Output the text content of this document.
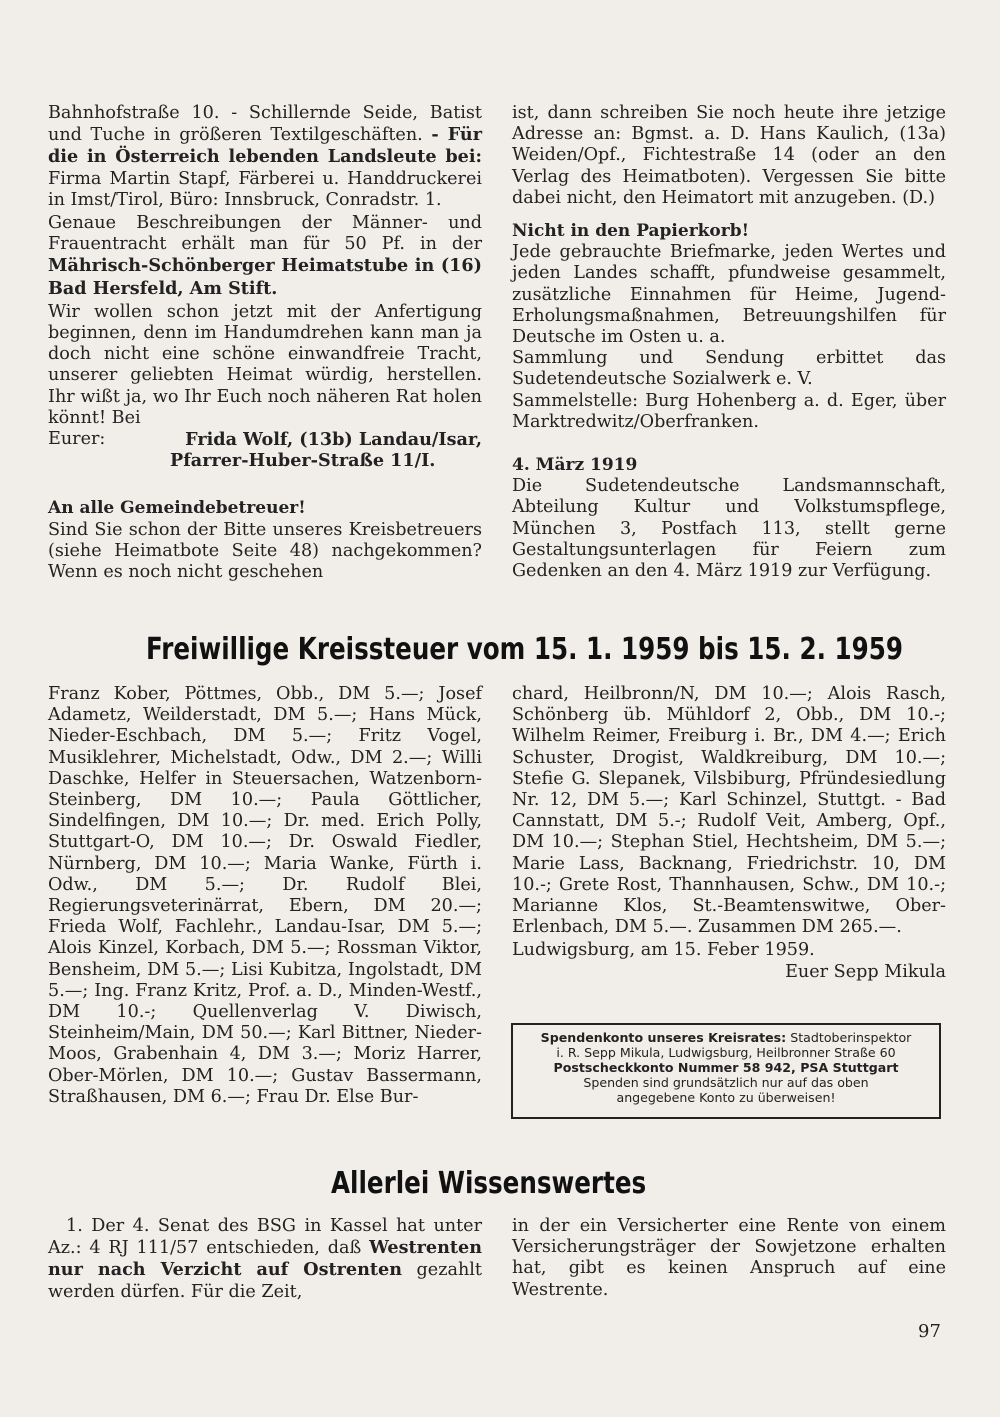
Bahnhofstraße 10. - Schillernde Seide, Batist und Tuche in größeren Textilgeschäften. - Für die in Österreich lebenden Landsleute bei: Firma Martin Stapf, Färberei u. Handdruckerei in Imst/Tirol, Büro: Innsbruck, Conradstr. 1.

Genaue Beschreibungen der Männer- und Frauentracht erhält man für 50 Pf. in der Mährisch-Schönberger Heimatstube in (16) Bad Hersfeld, Am Stift.

Wir wollen schon jetzt mit der Anfertigung beginnen, denn im Handumdrehen kann man ja doch nicht eine schöne einwandfreie Tracht, unserer geliebten Heimat würdig, herstellen. Ihr wißt ja, wo Ihr Euch noch näheren Rat holen könnt! Bei

Eurer:	Frida Wolf, (13b) Landau/Isar,

Pfarrer-Huber-Straße 11/I.

An alle Gemeindebetreuer!

Sind Sie schon der Bitte unseres Kreisbetreuers (siehe Heimatbote Seite 48) nachgekommen? Wenn es noch nicht geschehen

ist, dann schreiben Sie noch heute ihre jetzige Adresse an: Bgmst. a. D. Hans Kaulich, (13a) Weiden/Opf., Fichtestraße 14 (oder an den Verlag des Heimatboten). Vergessen Sie bitte dabei nicht, den Heimatort mit anzugeben. (D.)

Nicht in den Papierkorb!

Jede gebrauchte Briefmarke, jeden Wertes und jeden Landes schafft, pfundweise gesammelt, zusätzliche Einnahmen für Heime, Jugend-Erholungsmaßnahmen, Betreuungshilfen für Deutsche im Osten u. a.

Sammlung und Sendung erbittet das Sudetendeutsche Sozialwerk e. V.

Sammelstelle: Burg Hohenberg a. d. Eger, über Marktredwitz/Oberfranken.

4. März 1919

Die Sudetendeutsche Landsmannschaft, Abteilung Kultur und Volkstumspflege, München 3, Postfach 113, stellt gerne Gestaltungsunterlagen für Feiern zum Gedenken an den 4. März 1919 zur Verfügung.

Freiwillige Kreissteuer vom 15. 1. 1959 bis 15. 2. 1959

Franz Kober, Pöttmes, Obb., DM 5.—; Josef Adametz, Weilderstadt, DM 5.—; Hans Mück, Nieder-Eschbach, DM 5.—; Fritz Vogel, Musiklehrer, Michelstadt, Odw., DM 2.—; Willi Daschke, Helfer in Steuersachen, Watzenborn-Steinberg, DM 10.—; Paula Göttlicher, Sindelfingen, DM 10.—; Dr. med. Erich Polly, Stuttgart-O, DM 10.—; Dr. Oswald Fiedler, Nürnberg, DM 10.—; Maria Wanke, Fürth i. Odw., DM 5.—; Dr. Rudolf Blei, Regierungsveterinärrat, Ebern, DM 20.—; Frieda Wolf, Fachlehr., Landau-Isar, DM 5.—; Alois Kinzel, Korbach, DM 5.—; Rossman Viktor, Bensheim, DM 5.—; Lisi Kubitza, Ingolstadt, DM 5.—; Ing. Franz Kritz, Prof. a. D., Minden-Westf., DM 10.-; Quellenverlag V. Diwisch, Steinheim/Main, DM 50.—; Karl Bittner, Nieder-Moos, Grabenhain 4, DM 3.—; Moriz Harrer, Ober-Mörlen, DM 10.—; Gustav Bassermann, Straßhausen, DM 6.—; Frau Dr. Else Bur-

chard, Heilbronn/N, DM 10.—; Alois Rasch, Schönberg üb. Mühldorf 2, Obb., DM 10.-; Wilhelm Reimer, Freiburg i. Br., DM 4.—; Erich Schuster, Drogist, Waldkreiburg, DM 10.—; Stefie G. Slepanek, Vilsbiburg, Pfründesiedlung Nr. 12, DM 5.—; Karl Schinzel, Stuttgt. - Bad Cannstatt, DM 5.-; Rudolf Veit, Amberg, Opf., DM 10.—; Stephan Stiel, Hechtsheim, DM 5.—; Marie Lass, Backnang, Friedrichstr. 10, DM 10.-; Grete Rost, Thannhausen, Schw., DM 10.-; Marianne Klos, St.-Beamtenswitwe, Ober-Erlenbach, DM 5.—. Zusammen DM 265.—.

Ludwigsburg, am 15. Feber 1959.

Euer Sepp Mikula

Spendenkonto unseres Kreisrates: Stadtoberinspektor

i. R. Sepp Mikula, Ludwigsburg, Heilbronner Straße 60

Postscheckkonto Nummer 58 942, PSA Stuttgart

Spenden sind grundsätzlich nur auf das oben angegebene Konto zu überweisen!

Allerlei Wissenswertes

1. Der 4. Senat des BSG in Kassel hat unter Az.: 4 RJ 111/57 entschieden, daß Westrenten nur nach Verzicht auf Ostrenten gezahlt werden dürfen. Für die Zeit,

in der ein Versicherter eine Rente von einem Versicherungsträger der Sowjetzone erhalten hat, gibt es keinen Anspruch auf eine Westrente.

97
